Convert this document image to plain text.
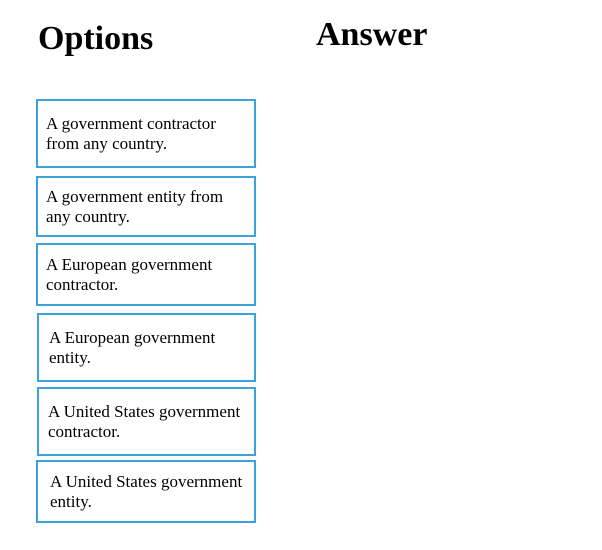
Options	Answer
A government contractor from any country.
A government entity from any country.
A European government contractor.
A European government entity.
A United States government contractor.
A United States government entity.
